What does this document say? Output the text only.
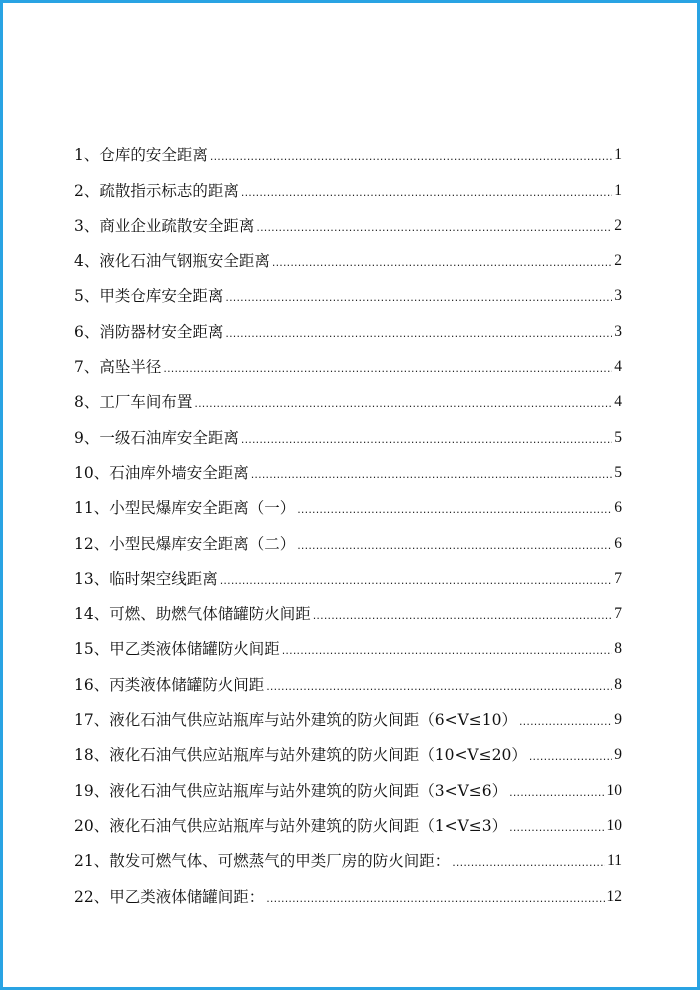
1、仓库的安全距离 .....	1
2、疏散指示标志的距离 .....	1
3、商业企业疏散安全距离 .....	2
4、液化石油气钢瓶安全距离 .....	2
5、甲类仓库安全距离 .....	3
6、消防器材安全距离 .....	3
7、高坠半径 .....	4
8、工厂车间布置 .....	4
9、一级石油库安全距离 .....	5
10、石油库外墙安全距离 .....	5
11、小型民爆库安全距离（一） .....	6
12、小型民爆库安全距离（二） .....	6
13、临时架空线距离 .....	7
14、可燃、助燃气体储罐防火间距 .....	7
15、甲乙类液体储罐防火间距 .....	8
16、丙类液体储罐防火间距 .....	8
17、液化石油气供应站瓶库与站外建筑的防火间距（6<V≤10） .....	9
18、液化石油气供应站瓶库与站外建筑的防火间距（10<V≤20） .....	9
19、液化石油气供应站瓶库与站外建筑的防火间距（3<V≤6） .....	10
20、液化石油气供应站瓶库与站外建筑的防火间距（1<V≤3） .....	10
21、散发可燃气体、可燃蒸气的甲类厂房的防火间距： .....	11
22、甲乙类液体储罐间距： .....	12
